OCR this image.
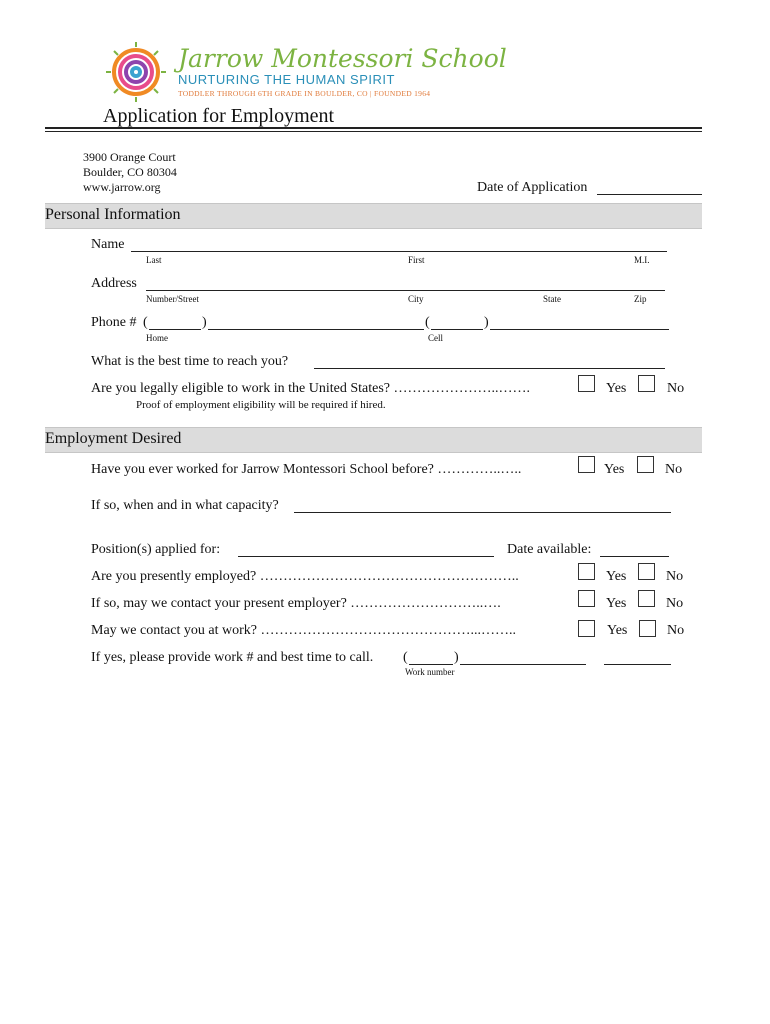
Jarrow Montessori School
NURTURING THE HUMAN SPIRIT
TODDLER THROUGH 6TH GRADE IN BOULDER, CO | FOUNDED 1964
Application for Employment
3900 Orange Court
Boulder, CO 80304
www.jarrow.org	Date of Application
Personal Information
Name
Last	First	M.I.
Address
Number/Street	City	State	Zip
Phone # (	)	(	)
Home	Cell
What is the best time to reach you?
Are you legally eligible to work in the United States? …………………..…….	Yes	No
Proof of employment eligibility will be required if hired.
Employment Desired
Have you ever worked for Jarrow Montessori School before? …………..…..	Yes	No
If so, when and in what capacity?
Position(s) applied for:	Date available:
Are you presently employed? ………………………………………………..	Yes	No
If so, may we contact your present employer? ………………………..….	Yes	No
May we contact you at work? ………………………………………...……..	Yes	No
If yes, please provide work # and best time to call. (	)
Work number
